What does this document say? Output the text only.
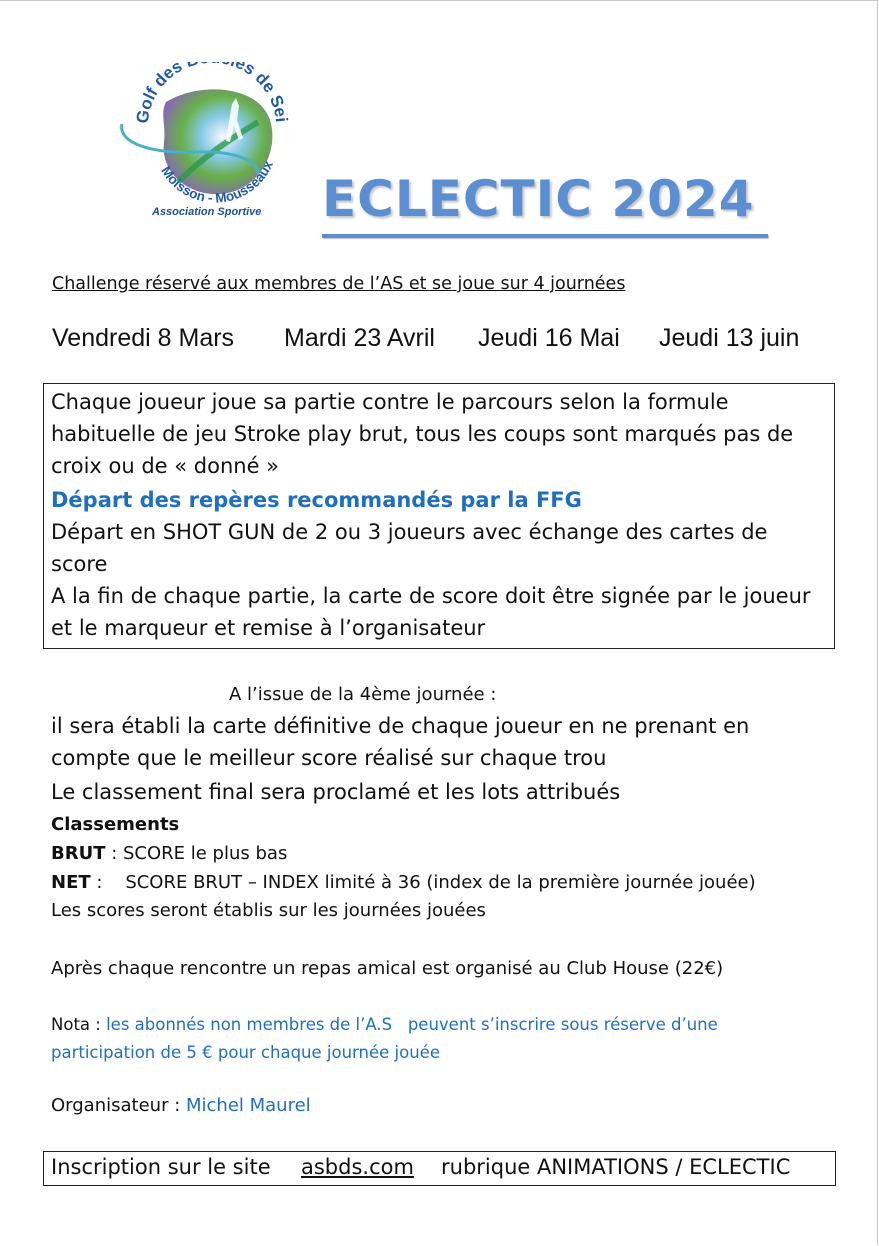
Golf des es de Sei
Moisson - Mousseaux
Association Sportive ECLECTIC 2024
Challenge réservé aux membres de l’AS et se joue sur 4 journées
Vendredi 8 Mars Mardi 23 Avril Jeudi 16 Mai Jeudi 13 juin
Chaque joueur joue sa partie contre le parcours selon la formule
habituelle de jeu Stroke play brut, tous les coups sont marqués pas de
croix ou de « donné »
Départ des repères recommandés par la FFG
Départ en SHOT GUN de 2 ou 3 joueurs avec échange des cartes de
score
A la fin de chaque partie, la carte de score doit être signée par le joueur
et le marqueur et remise à l’organisateur
A l’issue de la 4ème journée :
il sera établi la carte définitive de chaque joueur en ne prenant en
compte que le meilleur score réalisé sur chaque trou
Le classement final sera proclamé et les lots attribués
Classements
BRUT : SCORE le plus bas
NET :    SCORE BRUT – INDEX limité à 36 (index de la première journée jouée)
Les scores seront établis sur les journées jouées
Après chaque rencontre un repas amical est organisé au Club House (22€)
Nota : les abonnés non membres de l’A.S   peuvent s’inscrire sous réserve d’une
participation de 5 € pour chaque journée jouée
Organisateur : Michel Maurel
Inscription sur le site asbds.com rubrique ANIMATIONS / ECLECTIC
